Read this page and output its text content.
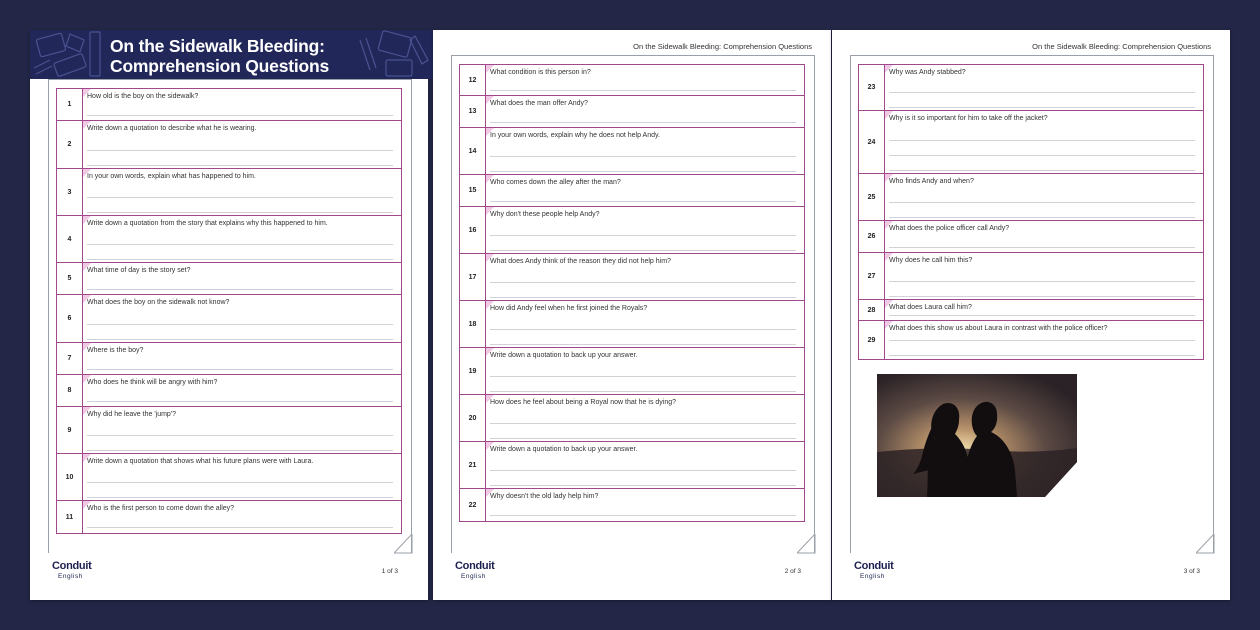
On the Sidewalk Bleeding:
Comprehension Questions
1
How old is the boy on the sidewalk?
2
Write down a quotation to describe what he is wearing.
3
In your own words, explain what has happened to him.
4
Write down a quotation from the story that explains why this happened to him.
5
What time of day is the story set?
6
What does the boy on the sidewalk not know?
7
Where is the boy?
8
Who does he think will be angry with him?
9
Why did he leave the 'jump'?
10
Write down a quotation that shows what his future plans were with Laura.
11
Who is the first person to come down the alley?
Conduit
English
1 of 3
On the Sidewalk Bleeding: Comprehension Questions
12
What condition is this person in?
13
What does the man offer Andy?
14
In your own words, explain why he does not help Andy.
15
Who comes down the alley after the man?
16
Why don't these people help Andy?
17
What does Andy think of the reason they did not help him?
18
How did Andy feel when he first joined the Royals?
19
Write down a quotation to back up your answer.
20
How does he feel about being a Royal now that he is dying?
21
Write down a quotation to back up your answer.
22
Why doesn't the old lady help him?
Conduit
English
2 of 3
On the Sidewalk Bleeding: Comprehension Questions
23
Why was Andy stabbed?
24
Why is it so important for him to take off the jacket?
25
Who finds Andy and when?
26
What does the police officer call Andy?
27
Why does he call him this?
28	What does Laura call him?
29
What does this show us about Laura in contrast with the police officer?
Conduit
English
3 of 3
